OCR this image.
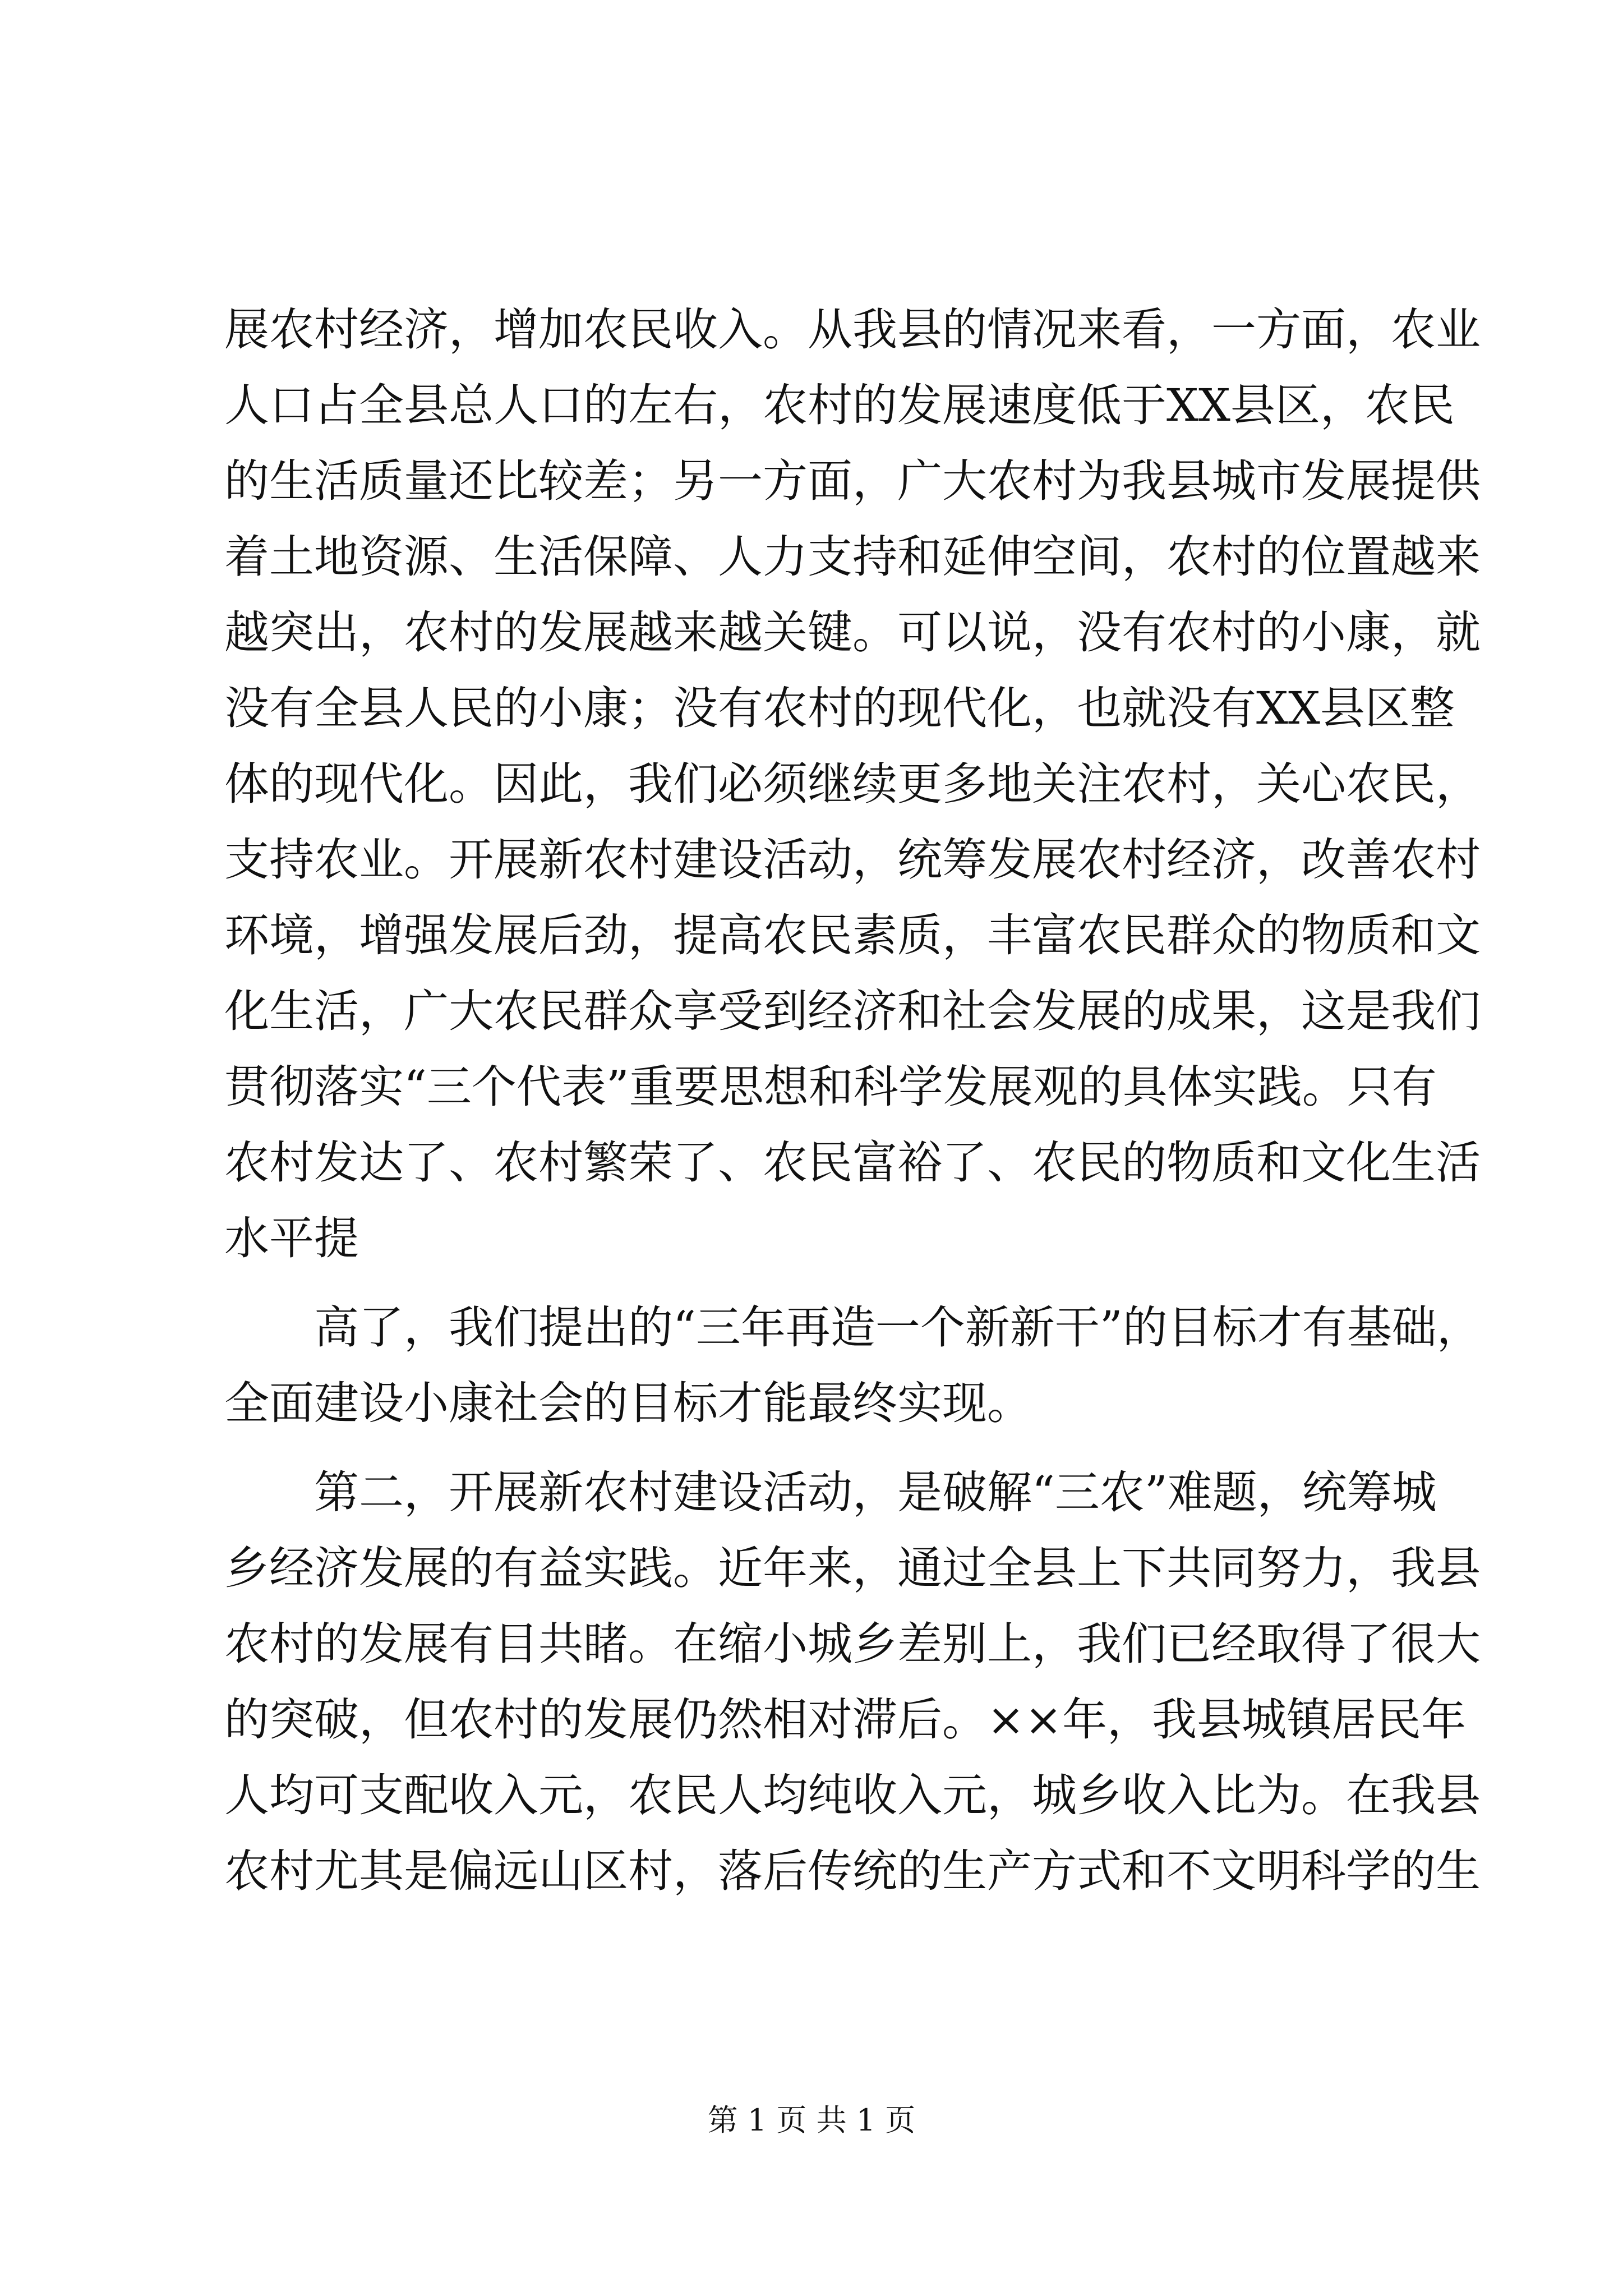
展农村经济，增加农民收入。从我县的情况来看，一方面，农业
人口占全县总人口的左右，农村的发展速度低于XX县区，农民
的生活质量还比较差；另一方面，广大农村为我县城市发展提供
着土地资源、生活保障、人力支持和延伸空间，农村的位置越来
越突出，农村的发展越来越关键。可以说，没有农村的小康，就
没有全县人民的小康；没有农村的现代化，也就没有XX县区整
体的现代化。因此，我们必须继续更多地关注农村，关心农民，
支持农业。开展新农村建设活动，统筹发展农村经济，改善农村
环境，增强发展后劲，提高农民素质，丰富农民群众的物质和文
化生活，广大农民群众享受到经济和社会发展的成果，这是我们
贯彻落实“三个代表”重要思想和科学发展观的具体实践。只有
农村发达了、农村繁荣了、农民富裕了、农民的物质和文化生活
水平提
高了，我们提出的“三年再造一个新新干”的目标才有基础，
全面建设小康社会的目标才能最终实现。
第二，开展新农村建设活动，是破解“三农”难题，统筹城
乡经济发展的有益实践。近年来，通过全县上下共同努力，我县
农村的发展有目共睹。在缩小城乡差别上，我们已经取得了很大
的突破，但农村的发展仍然相对滞后。××年，我县城镇居民年
人均可支配收入元，农民人均纯收入元，城乡收入比为。在我县
农村尤其是偏远山区村，落后传统的生产方式和不文明科学的生
第 1 页 共 1 页
